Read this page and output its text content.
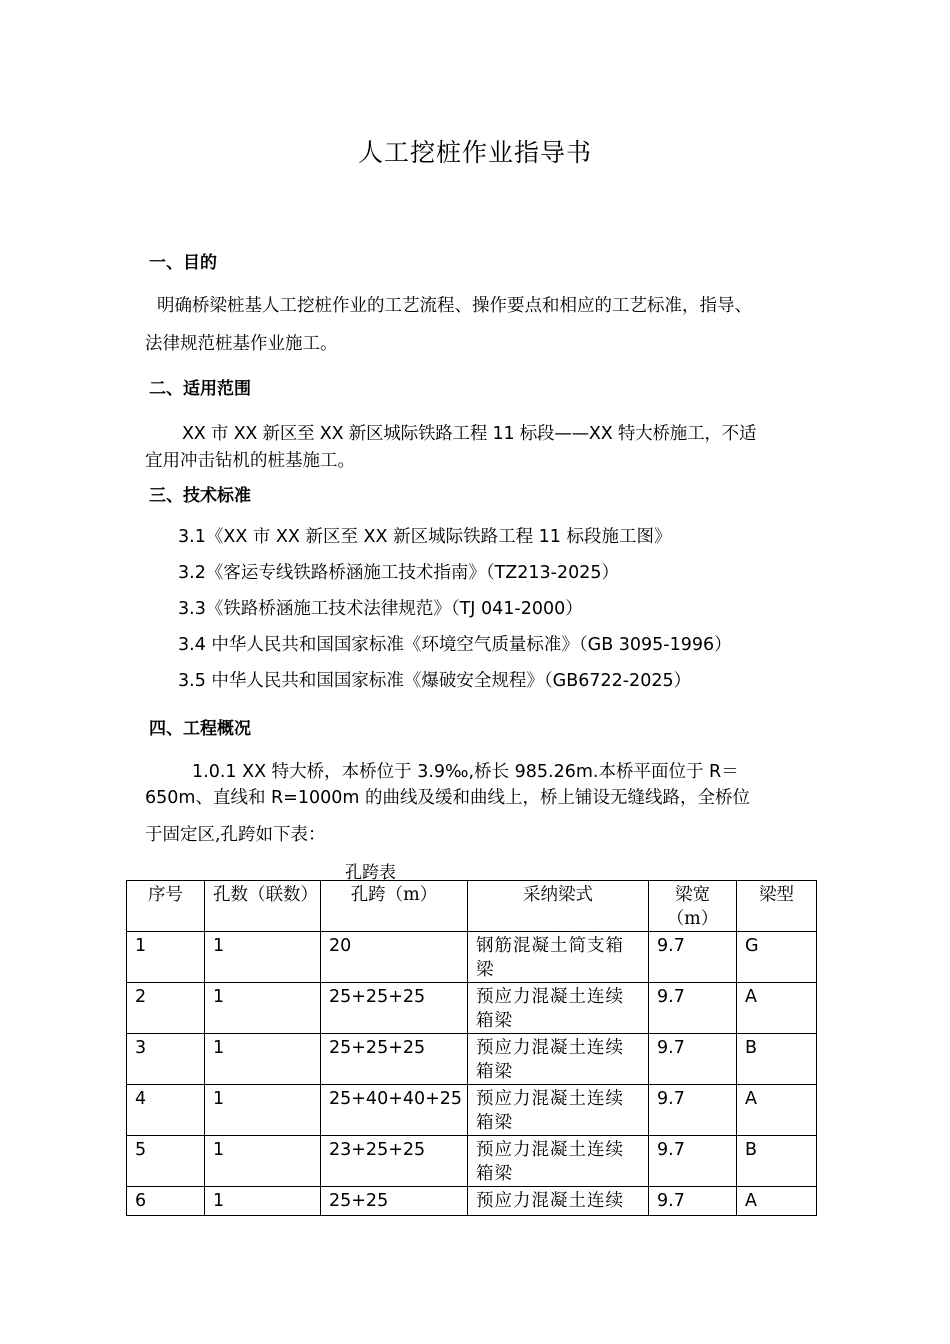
人工挖桩作业指导书
一、目的
明确桥梁桩基人工挖桩作业的工艺流程、操作要点和相应的工艺标准，指导、
法律规范桩基作业施工。
二、适用范围
XX 市 XX 新区至 XX 新区城际铁路工程 11 标段——XX 特大桥施工，不适
宜用冲击钻机的桩基施工。
三、技术标准
3.1《XX 市 XX 新区至 XX 新区城际铁路工程 11 标段施工图》
3.2《客运专线铁路桥涵施工技术指南》（TZ213-2025）
3.3《铁路桥涵施工技术法律规范》（TJ 041-2000）
3.4 中华人民共和国国家标准《环境空气质量标准》（GB 3095-1996）
3.5 中华人民共和国国家标准《爆破安全规程》（GB6722-2025）
四、工程概况
1.0.1 XX 特大桥，本桥位于 3.9‰,桥长 985.26m.本桥平面位于 R＝
650m、直线和 R=1000m 的曲线及缓和曲线上，桥上铺设无缝线路，全桥位
于固定区,孔跨如下表：
孔跨表
序号	孔数（联数）	孔跨（m）	采纳梁式	梁宽（m）	梁型
1	1	20	钢筋混凝土简支箱梁	9.7	G
2	1	25+25+25	预应力混凝土连续箱梁	9.7	A
3	1	25+25+25	预应力混凝土连续箱梁	9.7	B
4	1	25+40+40+25	预应力混凝土连续箱梁	9.7	A
5	1	23+25+25	预应力混凝土连续箱梁	9.7	B
6	1	25+25	预应力混凝土连续	9.7	A
